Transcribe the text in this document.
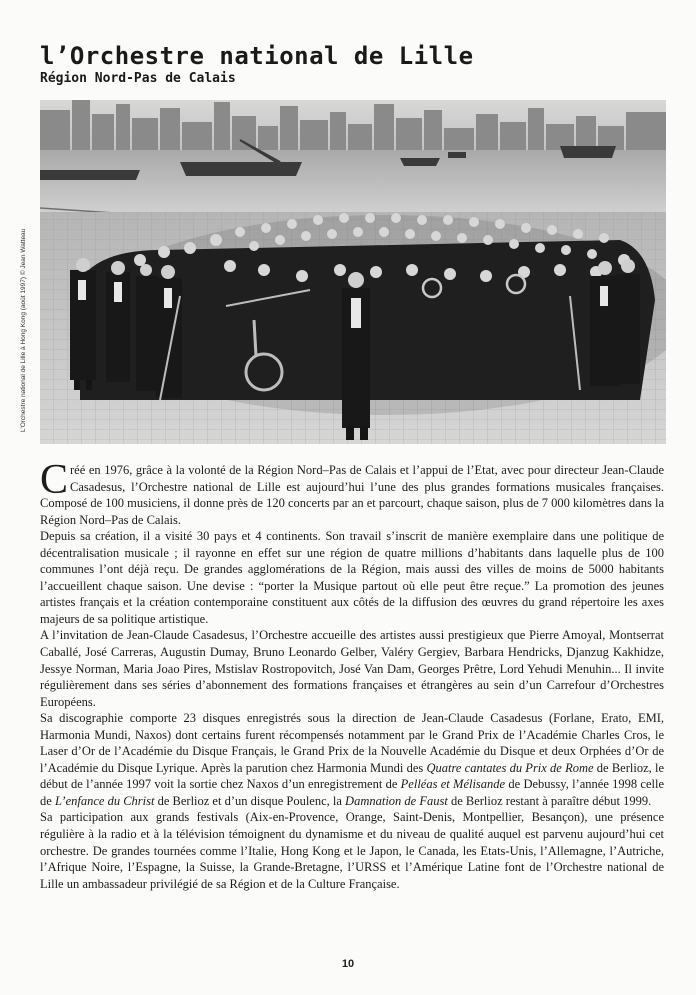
l’Orchestre national de Lille
Région Nord-Pas de Calais
L’Orchestre national de Lille à Hong Kong (août 1997) © Jean Watteau

Créé en 1976, grâce à la volonté de la Région Nord–Pas de Calais et l’appui de l’Etat, avec pour directeur Jean-Claude Casadesus, l’Orchestre national de Lille est aujourd’hui l’une des plus grandes formations musicales françaises. Composé de 100 musiciens, il donne près de 120 concerts par an et parcourt, chaque saison, plus de 7 000 kilomètres dans la Région Nord–Pas de Calais.

Depuis sa création, il a visité 30 pays et 4 continents. Son travail s’inscrit de manière exemplaire dans une politique de décentralisation musicale ; il rayonne en effet sur une région de quatre millions d’habitants dans laquelle plus de 100 communes l’ont déjà reçu. De grandes agglomérations de la Région, mais aussi des villes de moins de 5000 habitants l’accueillent chaque saison. Une devise : “porter la Musique partout où elle peut être reçue.” La promotion des jeunes artistes français et la création contemporaine constituent aux côtés de la diffusion des œuvres du grand répertoire les axes majeurs de sa politique artistique.

A l’invitation de Jean-Claude Casadesus, l’Orchestre accueille des artistes aussi prestigieux que Pierre Amoyal, Montserrat Caballé, José Carreras, Augustin Dumay, Bruno Leonardo Gelber, Valéry Gergiev, Barbara Hendricks, Djanzug Kakhidze, Jessye Norman, Maria Joao Pires, Mstislav Rostropovitch, José Van Dam, Georges Prêtre, Lord Yehudi Menuhin... Il invite régulièrement dans ses séries d’abonnement des formations françaises et étrangères au sein d’un Carrefour d’Orchestres Européens.

Sa discographie comporte 23 disques enregistrés sous la direction de Jean-Claude Casadesus (Forlane, Erato, EMI, Harmonia Mundi, Naxos) dont certains furent récompensés notamment par le Grand Prix de l’Académie Charles Cros, le Laser d’Or de l’Académie du Disque Français, le Grand Prix de la Nouvelle Académie du Disque et deux Orphées d’Or de l’Académie du Disque Lyrique. Après la parution chez Harmonia Mundi des Quatre cantates du Prix de Rome de Berlioz, le début de l’année 1997 voit la sortie chez Naxos d’un enregistrement de Pelléas et Mélisande de Debussy, l’année 1998 celle de L’enfance du Christ de Berlioz et d’un disque Poulenc, la Damnation de Faust de Berlioz restant à paraître début 1999.

Sa participation aux grands festivals (Aix-en-Provence, Orange, Saint-Denis, Montpellier, Besançon), une présence régulière à la radio et à la télévision témoignent du dynamisme et du niveau de qualité auquel est parvenu aujourd’hui cet orchestre. De grandes tournées comme l’Italie, Hong Kong et le Japon, le Canada, les Etats-Unis, l’Allemagne, l’Autriche, l’Afrique Noire, l’Espagne, la Suisse, la Grande-Bretagne, l’URSS et l’Amérique Latine font de l’Orchestre national de Lille un ambassadeur privilégié de sa Région et de la Culture Française.

10
